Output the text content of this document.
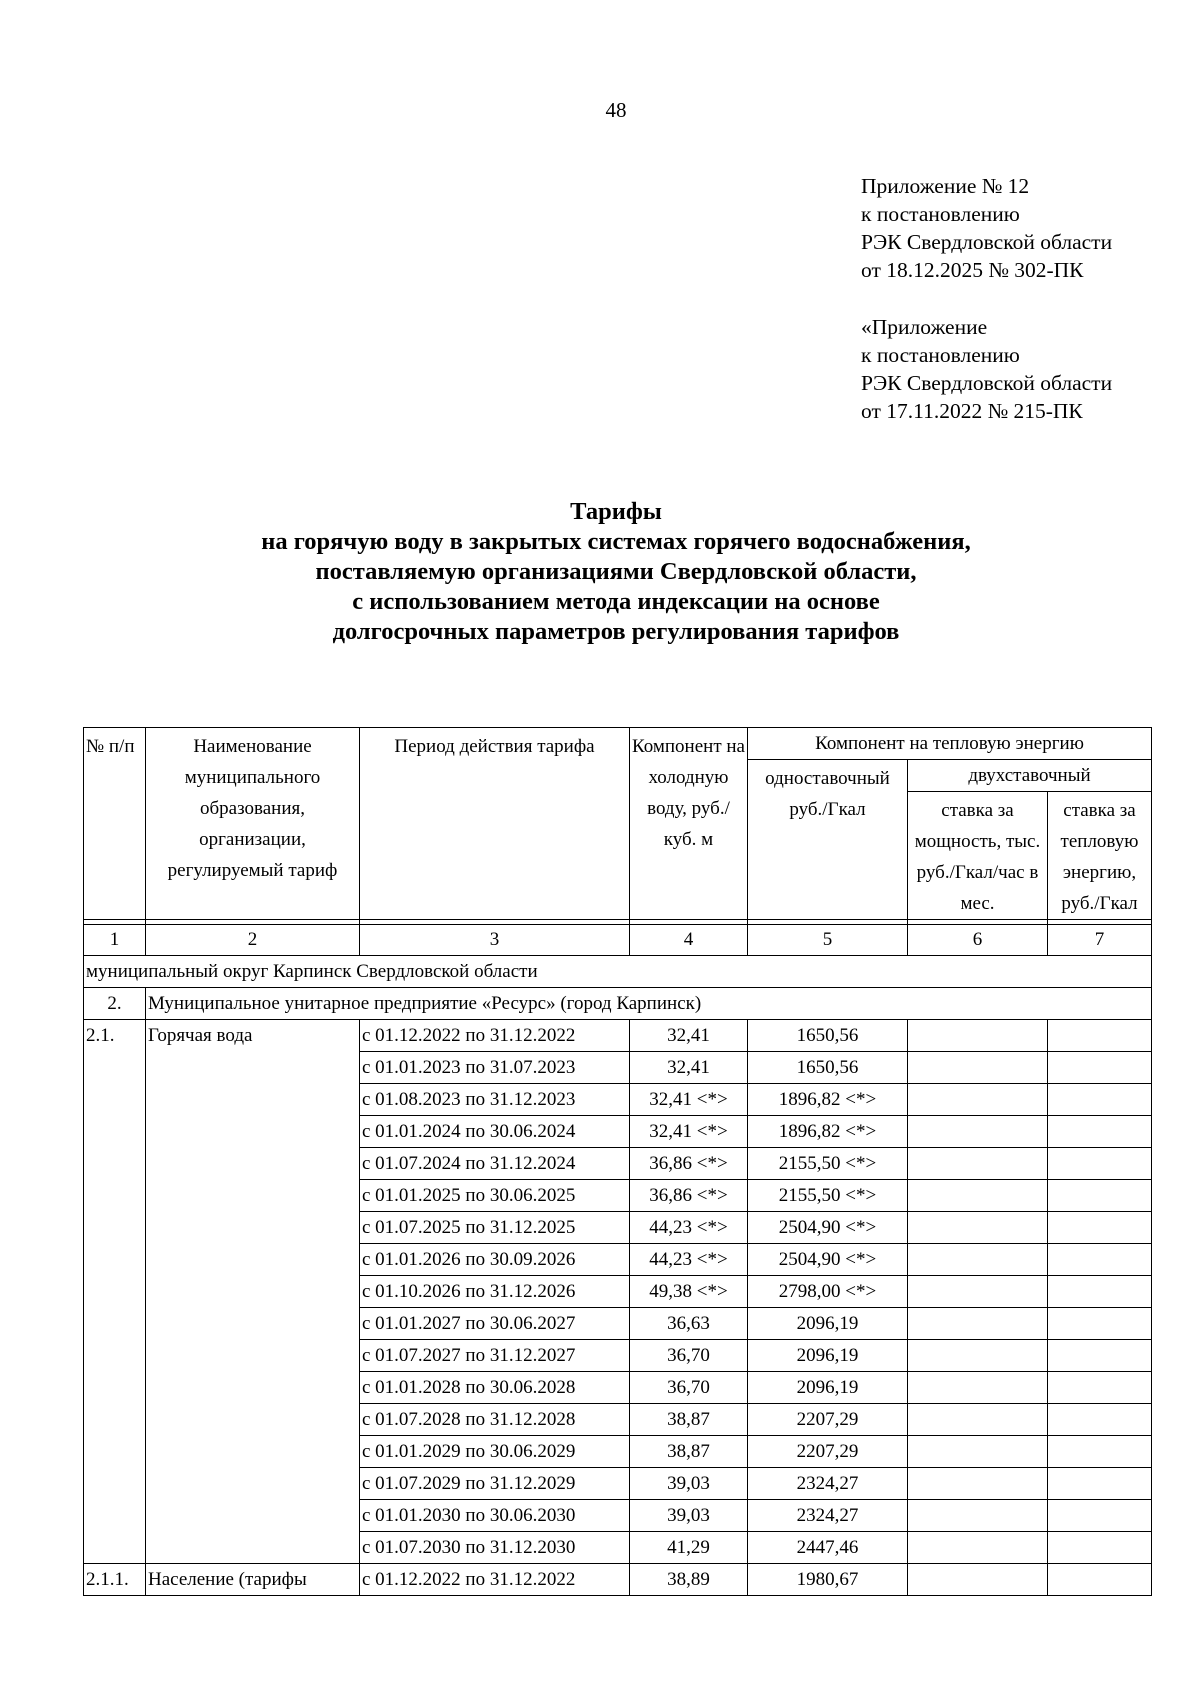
48
Приложение № 12
к постановлению
РЭК Свердловской области
от 18.12.2025 № 302-ПК
«Приложение
к постановлению
РЭК Свердловской области
от 17.11.2022 № 215-ПК
Тарифы
на горячую воду в закрытых системах горячего водоснабжения,
поставляемую организациями Свердловской области,
с использованием метода индексации на основе
долгосрочных параметров регулирования тарифов
№ п/п	Наименование муниципального образования, организации, регулируемый тариф	Период действия тарифа	Компонент на холодную воду, руб./куб. м	Компонент на тепловую энергию		
				одноставочный руб./Гкал	двухставочный	
					ставка за мощность, тыс. руб./Гкал/час в мес.	ставка за тепловую энергию, руб./Гкал

1	2	3	4	5	6	7
муниципальный округ Карпинск Свердловской области						
2.	Муниципальное унитарное предприятие «Ресурс» (город Карпинск)					
2.1.	Горячая вода	с 01.12.2022 по 31.12.2022	32,41	1650,56		
		с 01.01.2023 по 31.07.2023	32,41	1650,56		
		с 01.08.2023 по 31.12.2023	32,41 <*>	1896,82 <*>		
		с 01.01.2024 по 30.06.2024	32,41 <*>	1896,82 <*>		
		с 01.07.2024 по 31.12.2024	36,86 <*>	2155,50 <*>		
		с 01.01.2025 по 30.06.2025	36,86 <*>	2155,50 <*>		
		с 01.07.2025 по 31.12.2025	44,23 <*>	2504,90 <*>		
		с 01.01.2026 по 30.09.2026	44,23 <*>	2504,90 <*>		
		с 01.10.2026 по 31.12.2026	49,38 <*>	2798,00 <*>		
		с 01.01.2027 по 30.06.2027	36,63	2096,19		
		с 01.07.2027 по 31.12.2027	36,70	2096,19		
		с 01.01.2028 по 30.06.2028	36,70	2096,19		
		с 01.07.2028 по 31.12.2028	38,87	2207,29		
		с 01.01.2029 по 30.06.2029	38,87	2207,29		
		с 01.07.2029 по 31.12.2029	39,03	2324,27		
		с 01.01.2030 по 30.06.2030	39,03	2324,27		
		с 01.07.2030 по 31.12.2030	41,29	2447,46		
2.1.1.	Население (тарифы	с 01.12.2022 по 31.12.2022	38,89	1980,67		
